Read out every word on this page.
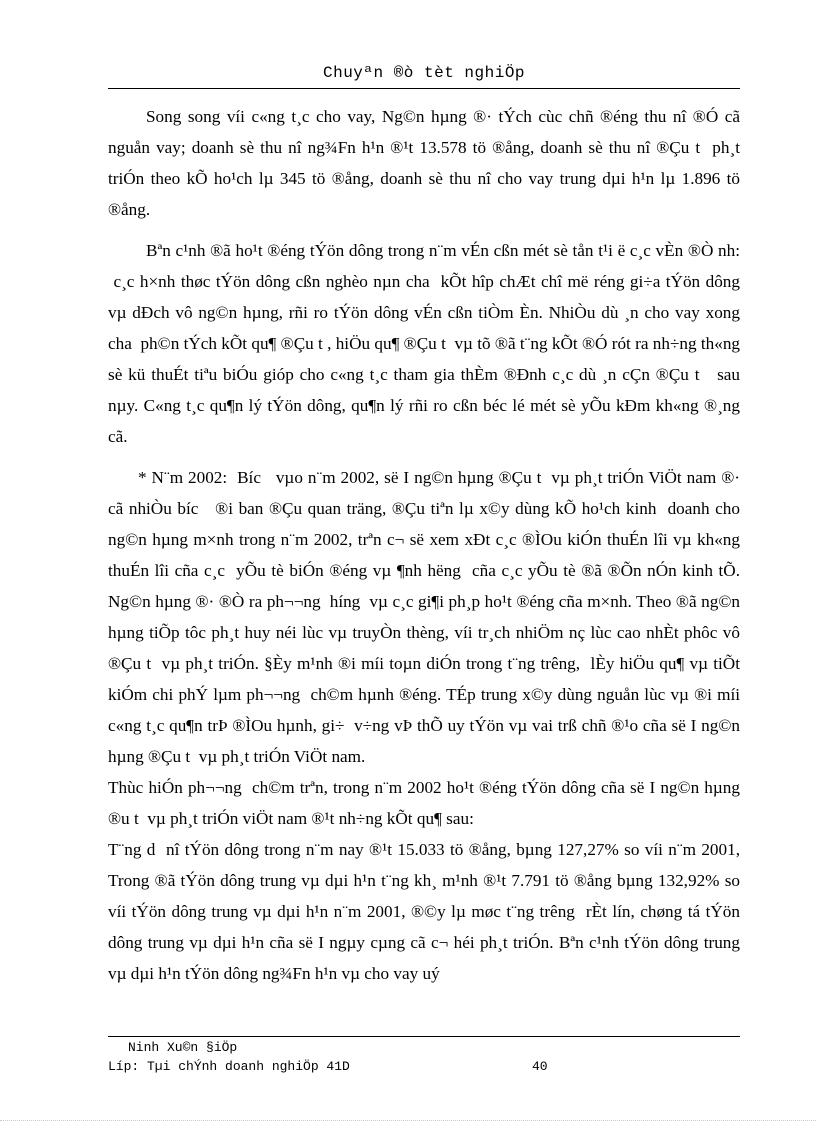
Chuyªn ®ò tèt nghiÖp

Song song víi c«ng t¸c cho vay, Ng©n hµng ®· tÝch cùc chñ ®éng thu nî ®Ó cã nguån vay; doanh sè thu nî ng¾Fn h¹n ®¹t 13.578 tö ®ång, doanh sè thu nî ®Çu t  ph¸t triÓn theo kÕ ho¹ch lµ 345 tö ®ång, doanh sè thu nî cho vay trung dµi h¹n lµ 1.896 tö ®ång.

Bªn c¹nh ®ã ho¹t ®éng tÝön dông trong n¨m vÉn cßn mét sè tån t¹i ë c¸c vÈn ®Ò nh:  c¸c h×nh thøc tÝön dông cßn nghèo nµn cha  kÕt hîp chÆt chî më réng gi÷a tÝön dông vµ dÐch vô ng©n hµng, rñi ro tÝön dông vÉn cßn tiÒm Èn. NhiÒu dù ¸n cho vay xong cha  ph©n tÝch kÕt qu¶ ®Çu t , hiÖu qu¶ ®Çu t  vµ tõ ®ã t¨ng kÕt ®Ó rót ra nh÷ng th«ng sè kü thuÉt tiªu biÓu gióp cho c«ng t¸c tham gia thÈm ®Ðnh c¸c dù ¸n cÇn ®Çu t   sau nµy. C«ng t¸c qu¶n lý tÝön dông, qu¶n lý rñi ro cßn béc lé mét sè yÕu kÐm kh«ng ®¸ng cã.

* N¨m 2002:  Bíc   vµo n¨m 2002, së I ng©n hµng ®Çu t  vµ ph¸t triÓn ViÖt nam ®· cã nhiÒu bíc   ®i ban ®Çu quan träng, ®Çu tiªn lµ x©y dùng kÕ ho¹ch kinh  doanh cho ng©n hµng m×nh trong n¨m 2002, trªn c¬ së xem xÐt c¸c ®ÌOu kiÓn thuÉn lîi vµ kh«ng thuÉn lîi cña c¸c  yÕu tè biÓn ®éng vµ ¶nh hëng  cña c¸c yÕu tè ®ã ®Õn nÓn kinh tÕ. Ng©n hµng ®· ®Ò ra ph¬¬ng  híng  vµ c¸c gi¶i ph¸p ho¹t ®éng cña m×nh. Theo ®ã ng©n hµng tiÕp tôc ph¸t huy néi lùc vµ truyÒn thèng, víi tr¸ch nhiÖm nç lùc cao nhÈt phôc vô ®Çu t  vµ ph¸t triÓn. §Èy m¹nh ®i míi toµn diÓn trong t¨ng trêng,  lÈy hiÖu qu¶ vµ tiÕt kiÓm chi phÝ lµm ph¬¬ng  ch©m hµnh ®éng. TÉp trung x©y dùng nguån lùc vµ ®i míi c«ng t¸c qu¶n trÞ ®ÌOu hµnh, gi÷  v÷ng vÞ thÕ uy tÝön vµ vai trß chñ ®¹o cña së I ng©n hµng ®Çu t  vµ ph¸t triÓn ViÖt nam.

Thùc hiÓn ph¬¬ng  ch©m trªn, trong n¨m 2002 ho¹t ®éng tÝön dông cña së I ng©n hµng ®u t  vµ ph¸t triÓn viÖt nam ®¹t nh÷ng kÕt qu¶ sau:

T¨ng d  nî tÝön dông trong n¨m nay ®¹t 15.033 tö ®ång, bµng 127,27% so víi n¨m 2001, Trong ®ã tÝön dông trung vµ dµi h¹n t¨ng kh¸ m¹nh ®¹t 7.791 tö ®ång bµng 132,92% so víi tÝön dông trung vµ dµi h¹n n¨m 2001, ®©y lµ møc t¨ng trêng  rÈt lín, chøng tá tÝön dông trung vµ dµi h¹n cña së I ngµy cµng cã c¬ héi ph¸t triÓn. Bªn c¹nh tÝön dông trung vµ dµi h¹n tÝön dông ng¾Fn h¹n vµ cho vay uý

Ninh Xu©n §iÖp
Líp: Tµi chÝnh doanh nghiÖp 41D	40
